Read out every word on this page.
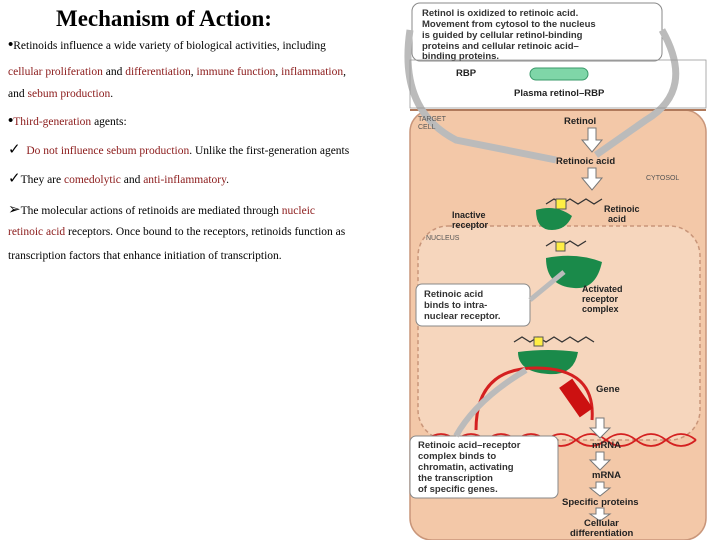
Mechanism of Action:
•Retinoids influence a wide variety of biological activities, including
cellular proliferation and differentiation, immune function, inflammation,
and sebum production.
•Third-generation agents:
✓ Do not influence sebum production. Unlike the first-generation agents
✓They are comedolytic and anti-inflammatory.
➢The molecular actions of retinoids are mediated through nucleic
retinoic acid receptors. Once bound to the receptors, retinoids function as
transcription factors that enhance initiation of transcription.
Retinol is oxidized to retinoic acid.
Movement from cytosol to the nucleus
is guided by cellular retinol-binding
proteins and cellular retinoic acid–
binding proteins.
RBP
Plasma retinol–RBP
TARGET
CELL
Retinol
Retinoic acid
CYTOSOL
Retinoic
acid
Inactive
receptor
NUCLEUS
Activated
receptor
complex
Retinoic acid
binds to intra-
nuclear receptor.
Gene
Retinoic acid–receptor
complex binds to
chromatin, activating
the transcription
of specific genes.
mRNA
mRNA
Specific proteins
Cellular
differentiation
